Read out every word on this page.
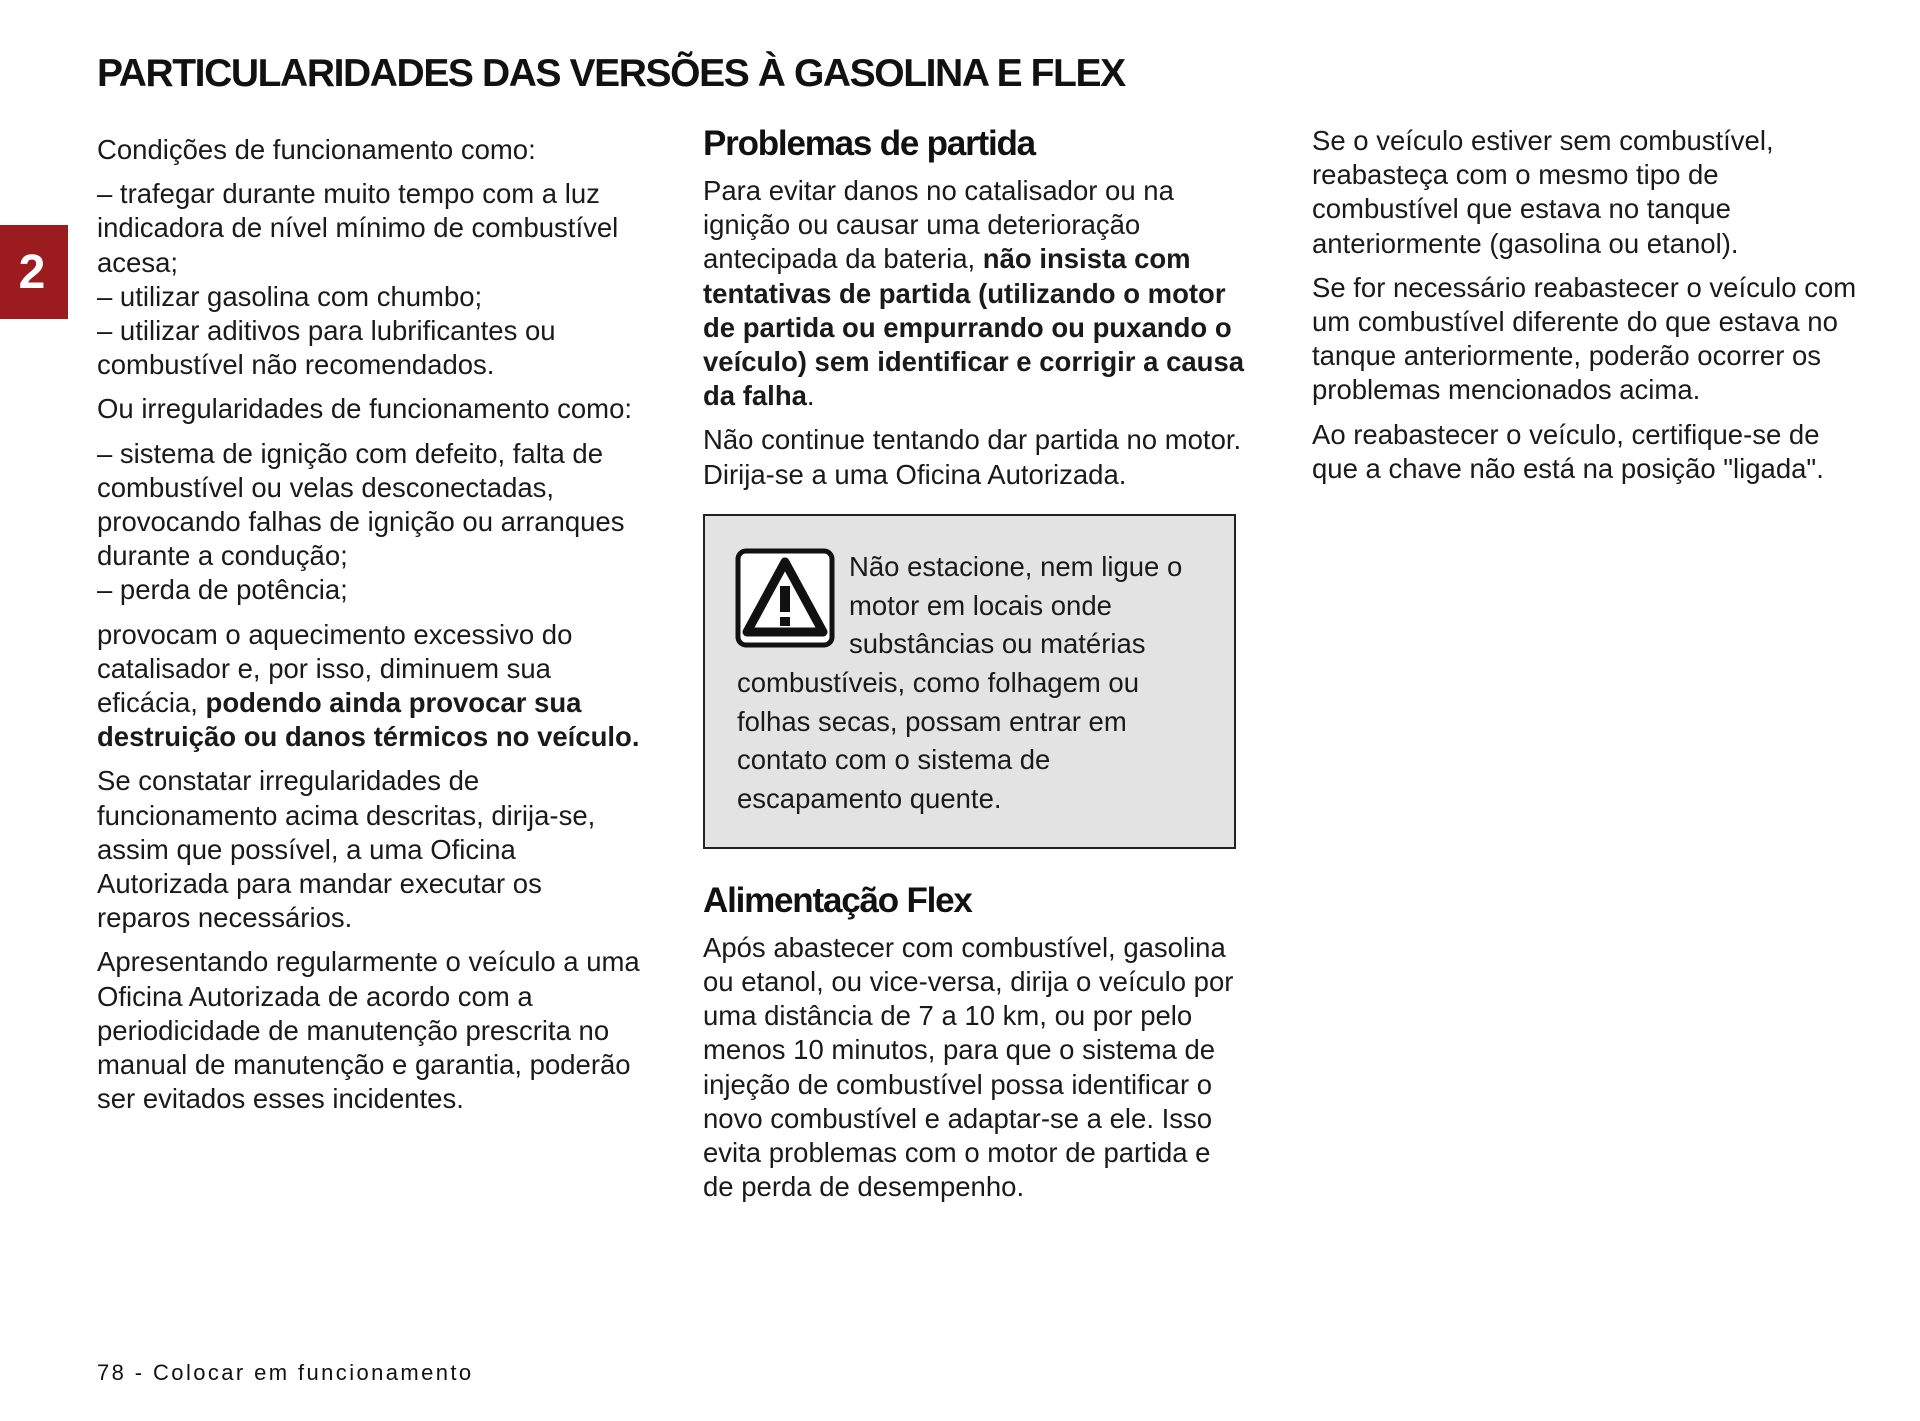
PARTICULARIDADES DAS VERSÕES À GASOLINA E FLEX
2

Condições de funcionamento como:

– trafegar durante muito tempo com a luz indicadora de nível mínimo de combustível acesa;
– utilizar gasolina com chumbo;
– utilizar aditivos para lubrificantes ou combustível não recomendados.

Ou irregularidades de funcionamento como:

– sistema de ignição com defeito, falta de combustível ou velas desconectadas, provocando falhas de ignição ou arranques durante a condução;
– perda de potência;

provocam o aquecimento excessivo do catalisador e, por isso, diminuem sua eficácia, podendo ainda provocar sua destruição ou danos térmicos no veículo.

Se constatar irregularidades de funcionamento acima descritas, dirija-se, assim que possível, a uma Oficina Autorizada para mandar executar os reparos necessários.

Apresentando regularmente o veículo a uma Oficina Autorizada de acordo com a periodicidade de manutenção prescrita no manual de manutenção e garantia, poderão ser evitados esses incidentes.

Problemas de partida

Para evitar danos no catalisador ou na ignição ou causar uma deterioração antecipada da bateria, não insista com tentativas de partida (utilizando o motor de partida ou empurrando ou puxando o veículo) sem identificar e corrigir a causa da falha.

Não continue tentando dar partida no motor. Dirija-se a uma Oficina Autorizada.

Não estacione, nem ligue o motor em locais onde substâncias ou matérias combustíveis, como folhagem ou folhas secas, possam entrar em contato com o sistema de escapamento quente.

Alimentação Flex

Após abastecer com combustível, gasolina ou etanol, ou vice-versa, dirija o veículo por uma distância de 7 a 10 km, ou por pelo menos 10 minutos, para que o sistema de injeção de combustível possa identificar o novo combustível e adaptar-se a ele. Isso evita problemas com o motor de partida e de perda de desempenho.

Se o veículo estiver sem combustível, reabasteça com o mesmo tipo de combustível que estava no tanque anteriormente (gasolina ou etanol).

Se for necessário reabastecer o veículo com um combustível diferente do que estava no tanque anteriormente, poderão ocorrer os problemas mencionados acima.

Ao reabastecer o veículo, certifique-se de que a chave não está na posição "ligada".

78 - Colocar em funcionamento
